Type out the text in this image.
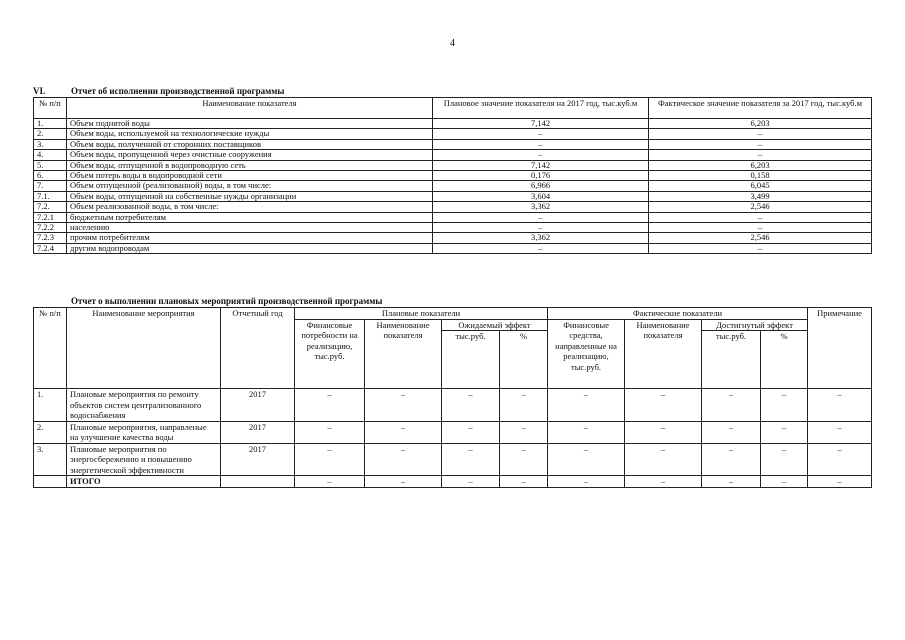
4
VI.	Отчет об исполнении производственной программы
№ п/п	Наименование показателя	Плановое значение показателя на 2017 год, тыс.куб.м	Фактическое значение показателя за 2017 год, тыс.куб.м
1.	Объем поднятой воды	7,142	6,203
2.	Объем воды, используемой на технологические нужды	–	–
3.	Объем воды, полученной от сторонних поставщиков	–	–
4.	Объем воды, пропущенной через очистные сооружения	–	–
5.	Объем воды, отпущенной в водопроводную сеть	7,142	6,203
6.	Объем потерь воды в водопроводной сети	0,176	0,158
7.	Объем отпущенной (реализованной) воды, в том числе:	6,966	6,045
7.1.	Объем воды, отпущенной на собственные нужды организации	3,604	3,499
7.2.	Объем реализованной воды, в том числе:	3,362	2,546
7.2.1	бюджетным потребителям	–	–
7.2.2	населению	–	–
7.2.3	прочим потребителям	3,362	2,546
7.2.4	другим водопроводам	–	–
Отчет о выполнении плановых мероприятий производственной программы
№ п/п	Наименование мероприятия	Отчетный год	Плановые показатели				Фактические показатели				Примечание
			Финансовые потребности на реализацию, тыс.руб.	Наименование показателя	Ожидаемый эффект		Финансовые средства, направленные на реализацию, тыс.руб.	Наименование показателя	Достигнутый эффект		
					тыс.руб.	%			тыс.руб.	%	
1.	Плановые мероприятия по ремонту объектов систем централизованного водоснабжения	2017	–	–	–	–	–	–	–	–	–
2.	Плановые мероприятия, направленые на улучшение качества воды	2017	–	–	–	–	–	–	–	–	–
3.	Плановые мероприятия по энергосбережению и повышению энергетической эффективности	2017	–	–	–	–	–	–	–	–	–
	ИТОГО		–	–	–	–	–	–	–	–	–
